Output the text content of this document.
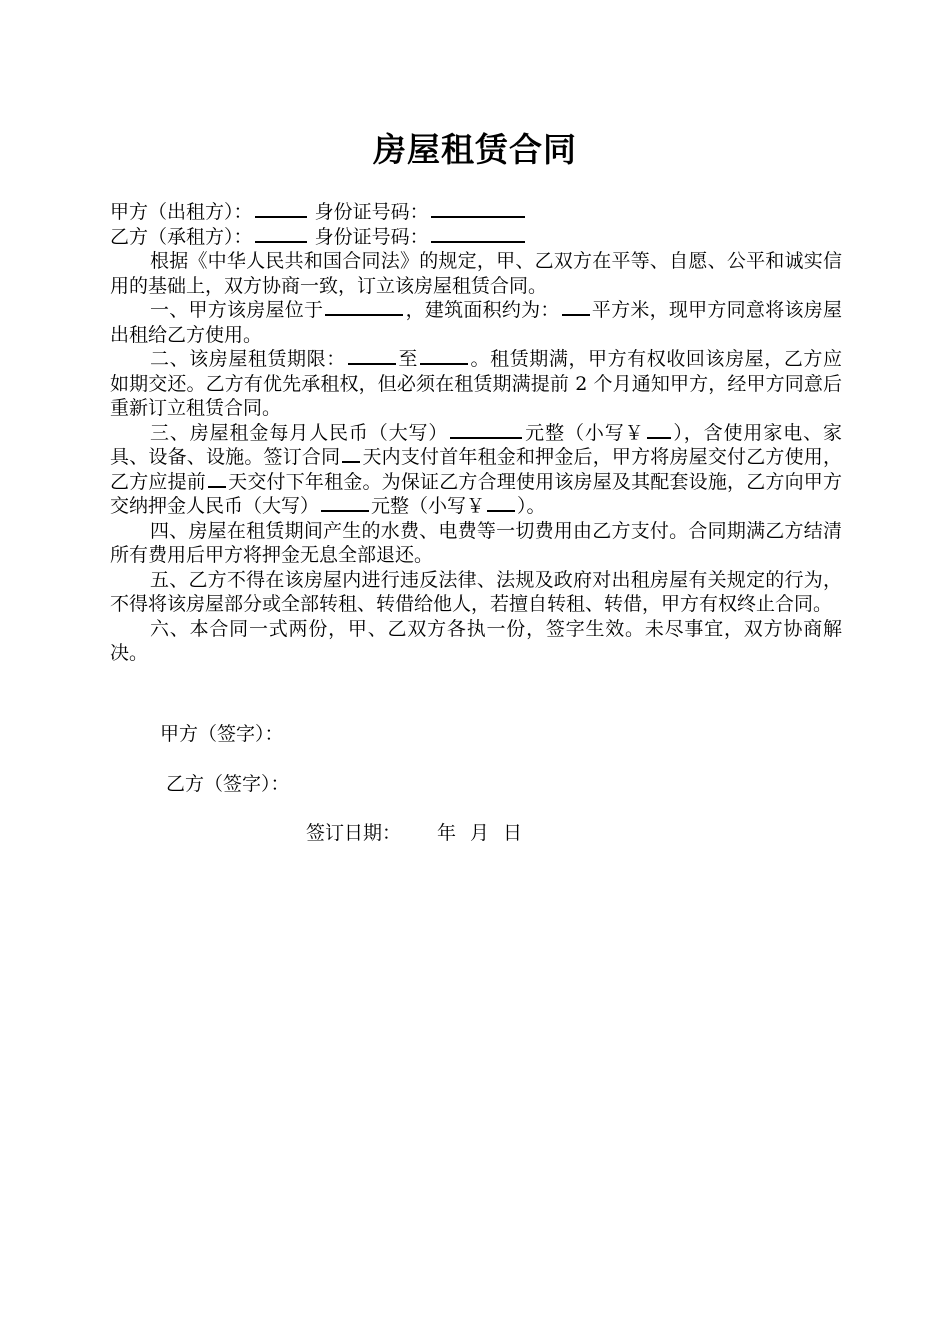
房屋租赁合同
甲方（出租方）：	身份证号码：
乙方（承租方）：	身份证号码：
根据《中华人民共和国合同法》的规定，甲、乙双方在平等、自愿、公平和诚实信用的基础上，双方协商一致，订立该房屋租赁合同。
一、甲方该房屋位于	，建筑面积约为： 平方米，现甲方同意将该房屋出租给乙方使用。
二、该房屋租赁期限：	至	。租赁期满，甲方有权收回该房屋，乙方应如期交还。乙方有优先承租权，但必须在租赁期满提前 2 个月通知甲方，经甲方同意后重新订立租赁合同。
三、房屋租金每月人民币（大写）	元整（小写￥ ），含使用家电、家具、设备、设施。签订合同 天内支付首年租金和押金后，甲方将房屋交付乙方使用，乙方应提前 天交付下年租金。为保证乙方合理使用该房屋及其配套设施，乙方向甲方交纳押金人民币（大写）	元整（小写￥ ）。
四、房屋在租赁期间产生的水费、电费等一切费用由乙方支付。合同期满乙方结清所有费用后甲方将押金无息全部退还。
五、乙方不得在该房屋内进行违反法律、法规及政府对出租房屋有关规定的行为，不得将该房屋部分或全部转租、转借给他人，若擅自转租、转借，甲方有权终止合同。
六、本合同一式两份，甲、乙双方各执一份，签字生效。未尽事宜，双方协商解决。
甲方（签字）：
乙方（签字）：
签订日期： 年 月 日
